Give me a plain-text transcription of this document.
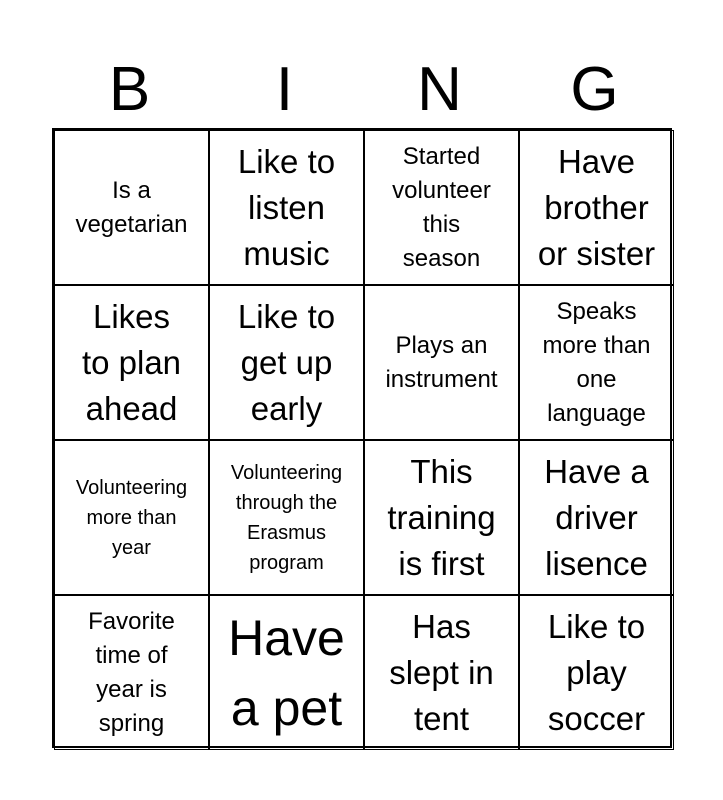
B	I	N	G
Is a
vegetarian
Like to
listen
music
Started
volunteer
this
season
Have
brother
or sister
Likes
to plan
ahead
Like to
get up
early
Plays an
instrument
Speaks
more than
one
language
Volunteering
more than
year
Volunteering
through the
Erasmus
program
This
training
is first
Have a
driver
lisence
Favorite
time of
year is
spring
Have
a pet
Has
slept in
tent
Like to
play
soccer
